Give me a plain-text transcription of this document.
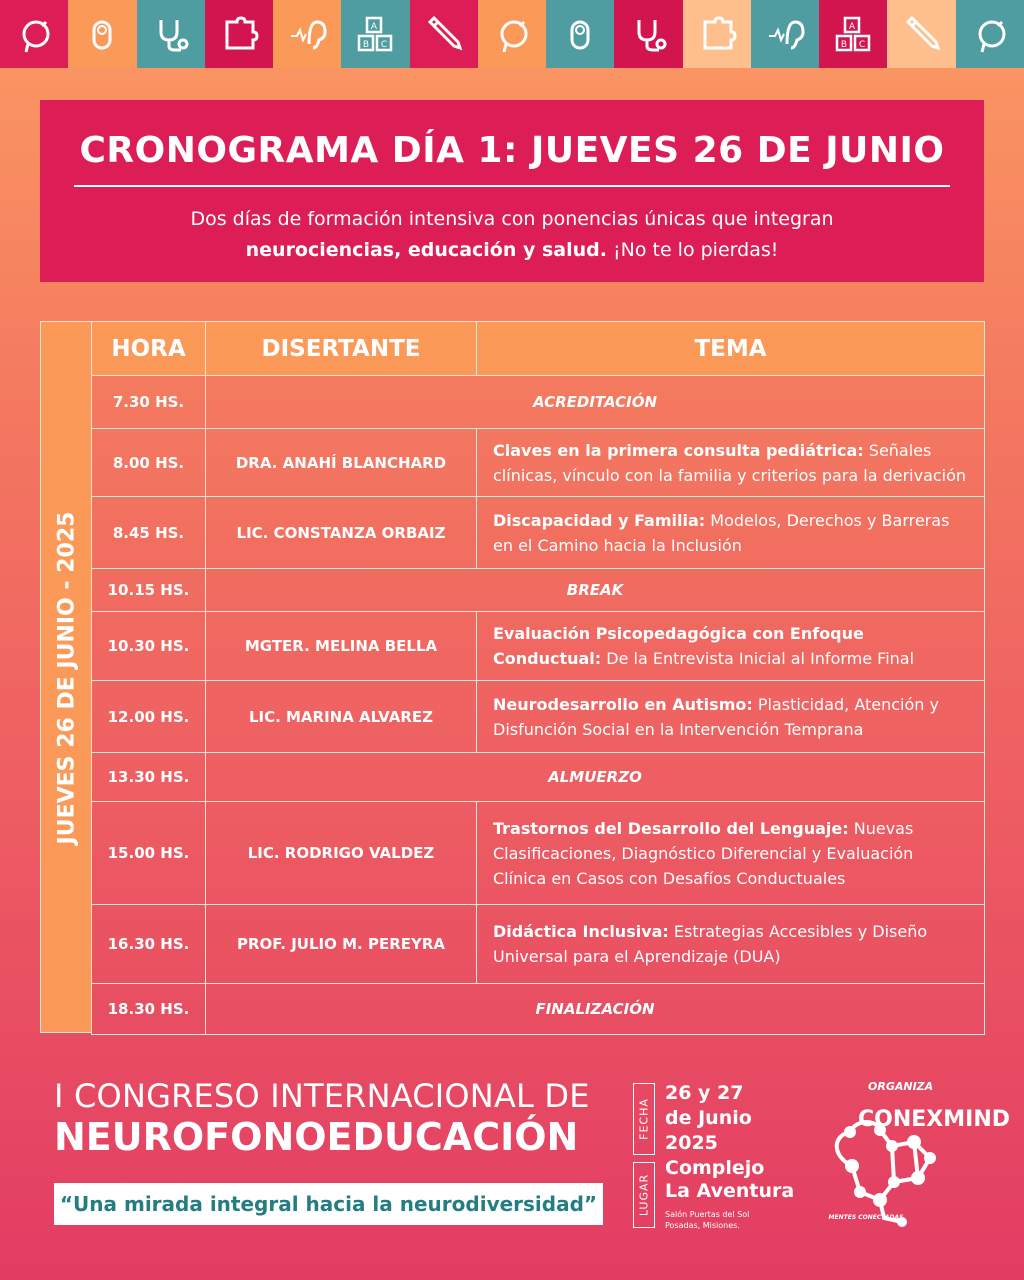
A
B C
A
B C
CRONOGRAMA DÍA 1: JUEVES 26 DE JUNIO
Dos días de formación intensiva con ponencias únicas que integran
neurociencias, educación y salud. ¡No te lo pierdas!
JUEVES 26 DE JUNIO - 2025
HORA	DISERTANTE	TEMA
7.30 HS.	ACREDITACIÓN	
8.00 HS.	DRA. ANAHÍ BLANCHARD	Claves en la primera consulta pediátrica: Señales clínicas, vínculo con la familia y criterios para la derivación
8.45 HS.	LIC. CONSTANZA ORBAIZ	Discapacidad y Familia: Modelos, Derechos y Barreras en el Camino hacia la Inclusión
10.15 HS.	BREAK	
10.30 HS.	MGTER. MELINA BELLA	Evaluación Psicopedagógica con Enfoque Conductual: De la Entrevista Inicial al Informe Final
12.00 HS.	LIC. MARINA ALVAREZ	Neurodesarrollo en Autismo: Plasticidad, Atención y Disfunción Social en la Intervención Temprana
13.30 HS.	ALMUERZO	
15.00 HS.	LIC. RODRIGO VALDEZ	Trastornos del Desarrollo del Lenguaje: Nuevas Clasificaciones, Diagnóstico Diferencial y Evaluación Clínica en Casos con Desafíos Conductuales
16.30 HS.	PROF. JULIO M. PEREYRA	Didáctica Inclusiva: Estrategias Accesibles y Diseño Universal para el Aprendizaje (DUA)
18.30 HS.	FINALIZACIÓN	
I CONGRESO INTERNACIONAL DE
NEUROFONOEDUCACIÓN
“Una mirada integral hacia la neurodiversidad”
FECHA
26 y 27
de Junio
2025
LUGAR
Complejo
La Aventura
Salón Puertas del Sol
Posadas, Misiones.
ORGANIZA
CONEXMIND
MENTES CONECTADAS
